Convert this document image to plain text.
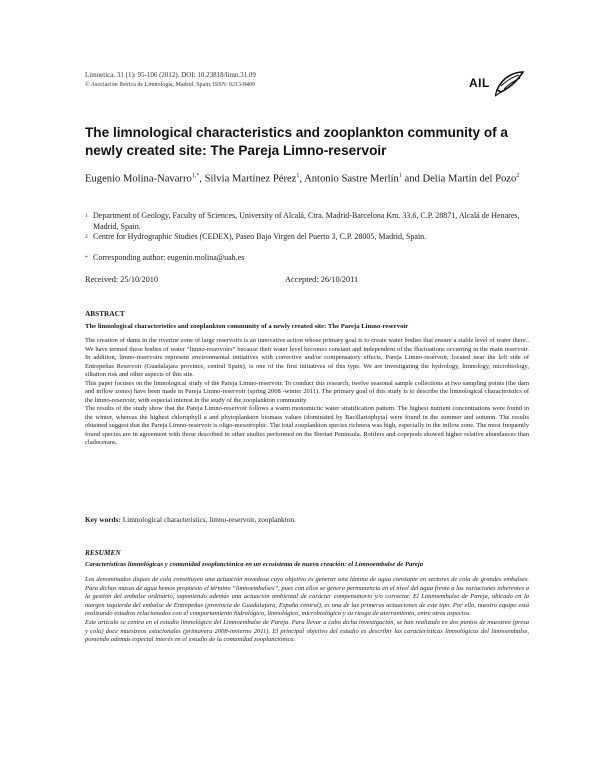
Limnetica, 31 (1): 95-106 (2012). DOI: 10.23818/limn.31.09
© Asociación Ibérica de Limnología, Madrid. Spain. ISSN: 0213-8409	AIL
The limnological characteristics and zooplankton community of a newly created site: The Pareja Limno-reservoir
Eugenio Molina-Navarro$^{1,*}$, Silvia Martínez Pérez$^1$, Antonio Sastre Merlín$^1$ and Delia Martín del Pozo$^2$
1 Department of Geology, Faculty of Sciences, University of Alcalá, Ctra. Madrid-Barcelona Km. 33.6, C.P. 28871, Alcalá de Henares, Madrid, Spain.
2 Centre for Hydrographic Studies (CEDEX), Paseo Bajo Virgen del Puerto 3, C.P. 28005, Madrid, Spain.
* Corresponding author: eugenio.molina@uah.es
Received: 25/10/2010	Accepted: 26/10/2011
ABSTRACT
The limnological characteristics and zooplankton community of a newly created site: The Pareja Limno-reservoir

The creation of dams in the riverine zone of large reservoirs is an innovative action whose primary goal is to create water bodies that ensure a stable level of water there.. We have termed these bodies of water “limno-reservoirs” because their water level becomes constant and independent of the fluctuations occurring in the main reservoir. In addition, limno-reservoirs represent environmental initiatives with corrective and/or compensatory effects. Pareja Limno-reservoir, located near the left side of Entrepeñas Reservoir (Guadalajara province, central Spain), is one of the first initiatives of this type. We are investigating the hydrology, limnology, microbiology, siltation risk and other aspects of this site.

This paper focuses on the limnological study of the Pareja Limno-reservoir. To conduct this research, twelve seasonal sample collections at two sampling points (the dam and inflow zones) have been made in Pareja Limno-reservoir (spring 2008 -winter 2011). The primary goal of this study is to describe the limnological characteristics of the limno-reservoir, with especial interest in the study of the zooplankton community.

The results of the study show that the Pareja Limno-reservoir follows a warm monomictic water stratification pattern. The highest nutrient concentrations were found in the winter, whereas the highest chlorophyll a and phytoplankton biomass values (dominated by Bacillariophyta) were found in the summer and autumn. The results obtained suggest that the Pareja Limno-reservoir is oligo-mesotrophic. The total zooplankton species richness was high, especially in the inflow zone. The most frequently found species are in agreement with those described in other studies performed on the Iberian Peninsula. Rotifers and copepods showed higher relative abundances than cladocerans.

Key words: Limnological characteristics, limno-reservoir, zooplankton.
RESUMEN
Características limnológicas y comunidad zooplanctónica en un ecosistema de nueva creación: el Limnoembalse de Pareja

Los denominados diques de cola constituyen una actuación novedosa cuyo objetivo es generar una lámina de agua constante en sectores de cola de grandes embalses. Para dichas masas de agua hemos propuesto el término “limnoembalses”, pues con ellos se genera permanencia en el nivel del agua frente a las variaciones inherentes a la gestión del embalse ordinario, suponiendo además una actuación ambiental de carácter compensatorio y/o corrector. El Limnoembalse de Pareja, ubicado en la margen izquierda del embalse de Entrepeñas (provincia de Guadalajara, España central), es una de las primeras actuaciones de este tipo. Por ello, nuestro equipo está realizando estudios relacionados con el comportamiento hidrológico, limnológico, microbiológico y su riesgo de aterramiento, entre otros aspectos.

Este artículo se centra en el estudio limnológico del Limnoembalse de Pareja. Para llevar a cabo dicha investigación, se han realizado en dos puntos de muestreo (presa y cola) doce muestreos estacionales (primavera 2008-invierno 2011). El principal objetivo del estudio es describir las características limnológicas del limnoembalse, poniendo además especial interés en el estudio de la comunidad zooplanctónica.
